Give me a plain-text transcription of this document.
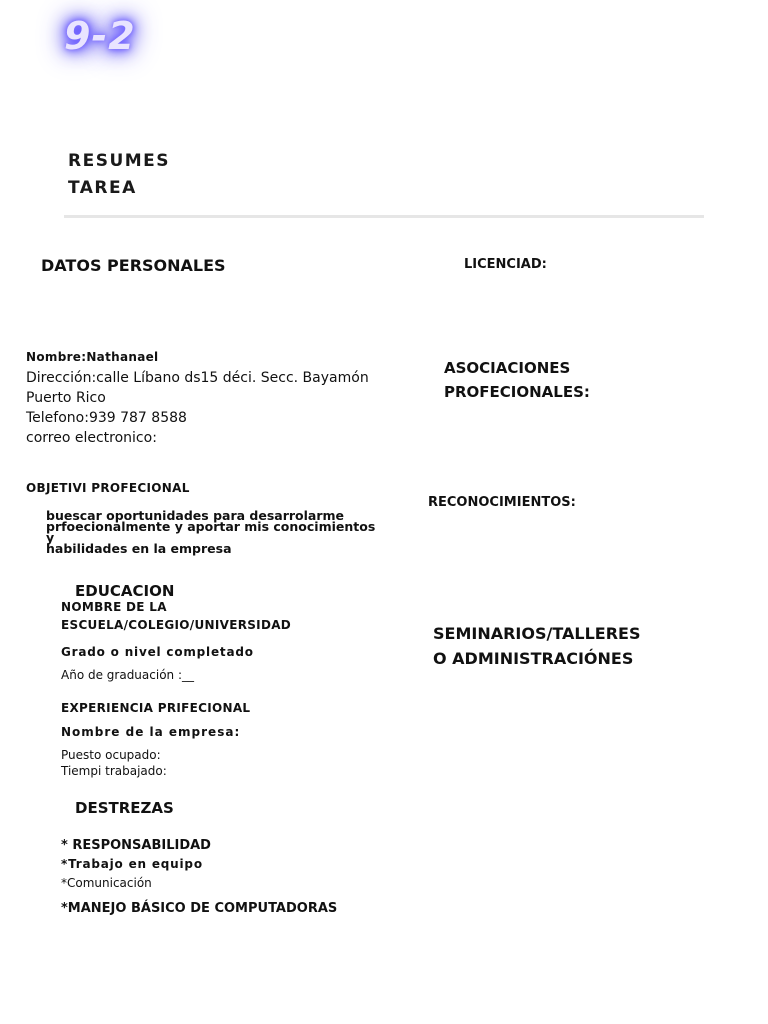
9-2
RESUMES
TAREA
DATOS PERSONALES
Nombre:Nathanael
Dirección:calle Líbano ds15 déci. Secc. Bayamón
Puerto Rico
Telefono:939 787 8588
correo electronico:
OBJETIVI PROFECIONAL
buescar oportunidades para desarrolarme
prfoecionalmente y aportar mis conocimientos y
habilidades en la empresa
EDUCACION
NOMBRE DE LA
ESCUELA/COLEGIO/UNIVERSIDAD
Grado o nivel completado
Año de graduación :__
EXPERIENCIA PRIFECIONAL
Nombre de la empresa:
Puesto ocupado:
Tiempi trabajado:
DESTREZAS
* RESPONSABILIDAD
*Trabajo en equipo
*Comunicación
*MANEJO BÁSICO DE COMPUTADORAS
LICENCIAD:
ASOCIACIONES
PROFECIONALES:
RECONOCIMIENTOS:
SEMINARIOS/TALLERES
O ADMINISTRACIÓNES
